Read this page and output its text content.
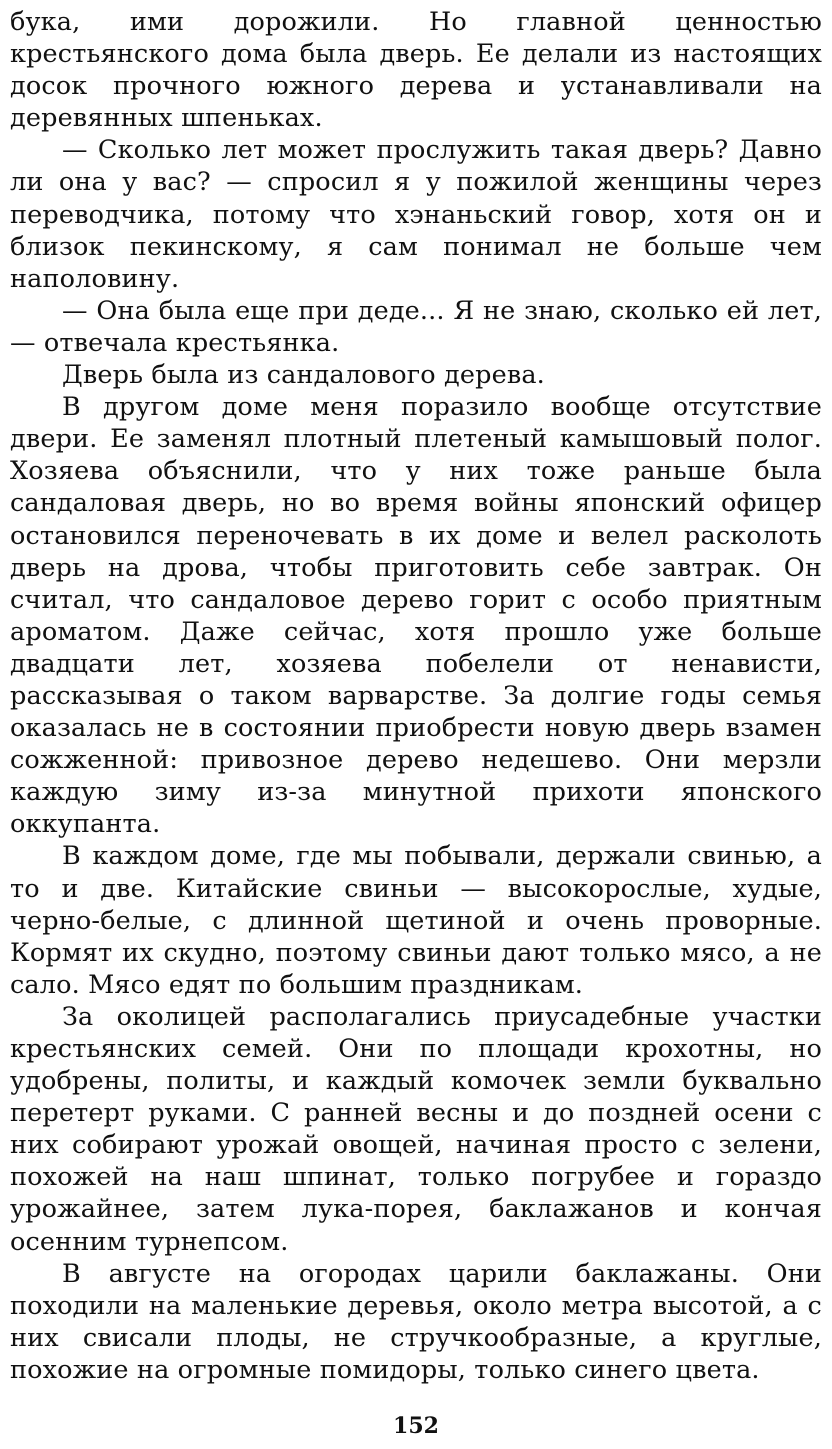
бука, ими дорожили. Но главной ценностью крестьянского дома была дверь. Ее делали из настоящих досок прочного южного дерева и устанавливали на деревянных шпеньках.

— Сколько лет может прослужить такая дверь? Давно ли она у вас? — спросил я у пожилой женщины через переводчика, потому что хэнаньский говор, хотя он и близок пекинскому, я сам понимал не больше чем наполовину.

— Она была еще при деде... Я не знаю, сколько ей лет,— отвечала крестьянка.

Дверь была из сандалового дерева.

В другом доме меня поразило вообще отсутствие двери. Ее заменял плотный плетеный камышовый полог. Хозяева объяснили, что у них тоже раньше была сандаловая дверь, но во время войны японский офицер остановился переночевать в их доме и велел расколоть дверь на дрова, чтобы приготовить себе завтрак. Он считал, что сандаловое дерево горит с особо приятным ароматом. Даже сейчас, хотя прошло уже больше двадцати лет, хозяева побелели от ненависти, рассказывая о таком варварстве. За долгие годы семья оказалась не в состоянии приобрести новую дверь взамен сожженной: привозное дерево недешево. Они мерзли каждую зиму из-за минутной прихоти японского оккупанта.

В каждом доме, где мы побывали, держали свинью, а то и две. Китайские свиньи — высокорослые, худые, черно-белые, с длинной щетиной и очень проворные. Кормят их скудно, поэтому свиньи дают только мясо, а не сало. Мясо едят по большим праздникам.

За околицей располагались приусадебные участки крестьянских семей. Они по площади крохотны, но удобрены, политы, и каждый комочек земли буквально перетерт руками. С ранней весны и до поздней осени с них собирают урожай овощей, начиная просто с зелени, похожей на наш шпинат, только погрубее и гораздо урожайнее, затем лука-порея, баклажанов и кончая осенним турнепсом.

В августе на огородах царили баклажаны. Они походили на маленькие деревья, около метра высотой, а с них свисали плоды, не стручкообразные, а круглые, похожие на огромные помидоры, только синего цвета.

152
